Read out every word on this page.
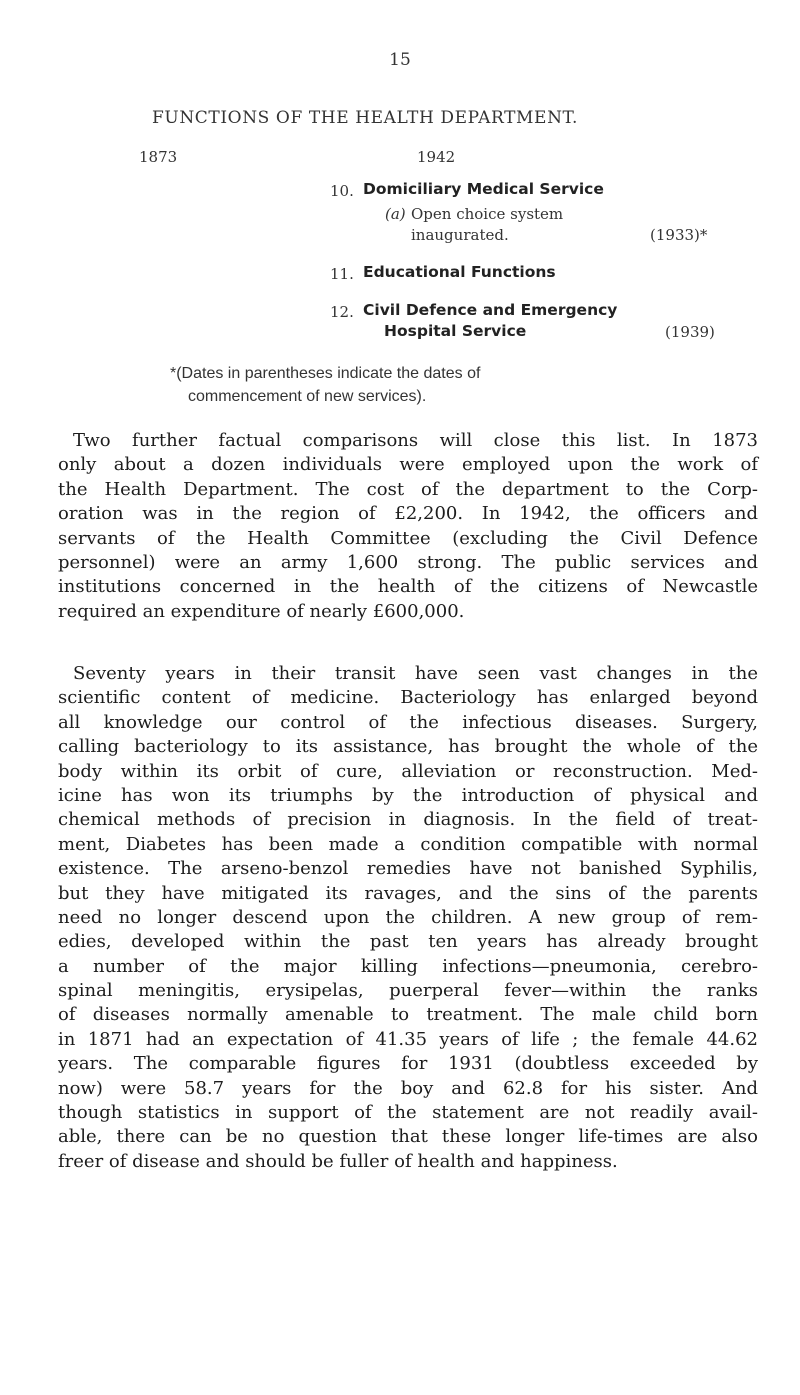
15
FUNCTIONS OF THE HEALTH DEPARTMENT.
1873	1942
10. Domiciliary Medical Service
(a) Open choice system
inaugurated.	(1933)*
11. Educational Functions
12. Civil Defence and Emergency
Hospital Service	(1939)
*(Dates in parentheses indicate the dates of
commencement of new services).
Two further factual comparisons will close this list. In 1873
only about a dozen individuals were employed upon the work of
the Health Department. The cost of the department to the Corp-
oration was in the region of £2,200. In 1942, the officers and
servants of the Health Committee (excluding the Civil Defence
personnel) were an army 1,600 strong. The public services and
institutions concerned in the health of the citizens of Newcastle
required an expenditure of nearly £600,000.
Seventy years in their transit have seen vast changes in the
scientific content of medicine. Bacteriology has enlarged beyond
all knowledge our control of the infectious diseases. Surgery,
calling bacteriology to its assistance, has brought the whole of the
body within its orbit of cure, alleviation or reconstruction. Med-
icine has won its triumphs by the introduction of physical and
chemical methods of precision in diagnosis. In the field of treat-
ment, Diabetes has been made a condition compatible with normal
existence. The arseno-benzol remedies have not banished Syphilis,
but they have mitigated its ravages, and the sins of the parents
need no longer descend upon the children. A new group of rem-
edies, developed within the past ten years has already brought
a number of the major killing infections—pneumonia, cerebro-
spinal meningitis, erysipelas, puerperal fever—within the ranks
of diseases normally amenable to treatment. The male child born
in 1871 had an expectation of 41.35 years of life ; the female 44.62
years. The comparable figures for 1931 (doubtless exceeded by
now) were 58.7 years for the boy and 62.8 for his sister. And
though statistics in support of the statement are not readily avail-
able, there can be no question that these longer life-times are also
freer of disease and should be fuller of health and happiness.
